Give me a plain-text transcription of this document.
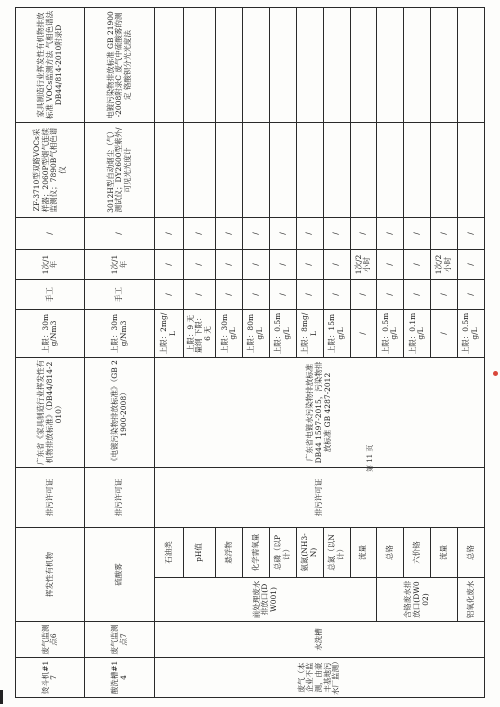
烫斗机#17	废气监测点6	挥发性有机物		排污许可证	广东省《家具制造行业挥发性有机物排放标准》（DB44/814-2010）	上限：30mg/Nm3	手工	1次/1年	/	ZF-3710型双路VOCs采样器；2060P型烟气连续监测仪；7890B气相色谱仪	家具制造行业挥发性有机物排放标准 VOCs监测方法 气相色谱法 DB44/814-2010附录D
酸洗槽#14	废气监测点7	硫酸雾		排污许可证	《电镀污染物排放标准》（GB 21900-2008）	上限：30mg/Nm3	手工	1次/1年	/	3012H型自动烟尘（气）测试仪；DY2600型紫外/可见光光度计	电镀污染物排放标准 GB 21900-2008附录C 废气中硫酸雾的测定 铬酸钡分光光度法
废气（本企业不监测，由豪丰基地污水厂监测）	水洗槽	前处理废水排放口(DW001)	石油类	排污许可证	广东省电镀水污染物排放标准 DB44 1597-2015，污染物排放标准 GB 4287-2012	上限：2mg/L	/	/	/		
			pH值			上限：9 无量纲 下限：6 无	/	/	/		
			悬浮物			上限：30mg/L	/	/	/		
			化学需氧量			上限：80mg/L	/	/	/		
			总磷（以P计）			上限：0.5mg/L	/	/	/		
			氨氮(NH3-N)			上限：8mg/L	/	/	/		
			总氮（以N计）			上限：15mg/L	/	/	/		
			流量			/	/	1次/2小时	/		
		含铬废水排放口(DW002)	总铬			上限：0.5mg/L	/	/	/		
			六价铬			上限：0.1mg/L	/	/	/		
			流量			/	/	1次/2小时	/		
		铝氧化废水	总铬			上限：0.5mg/L	/	/	/		
第 11 页
